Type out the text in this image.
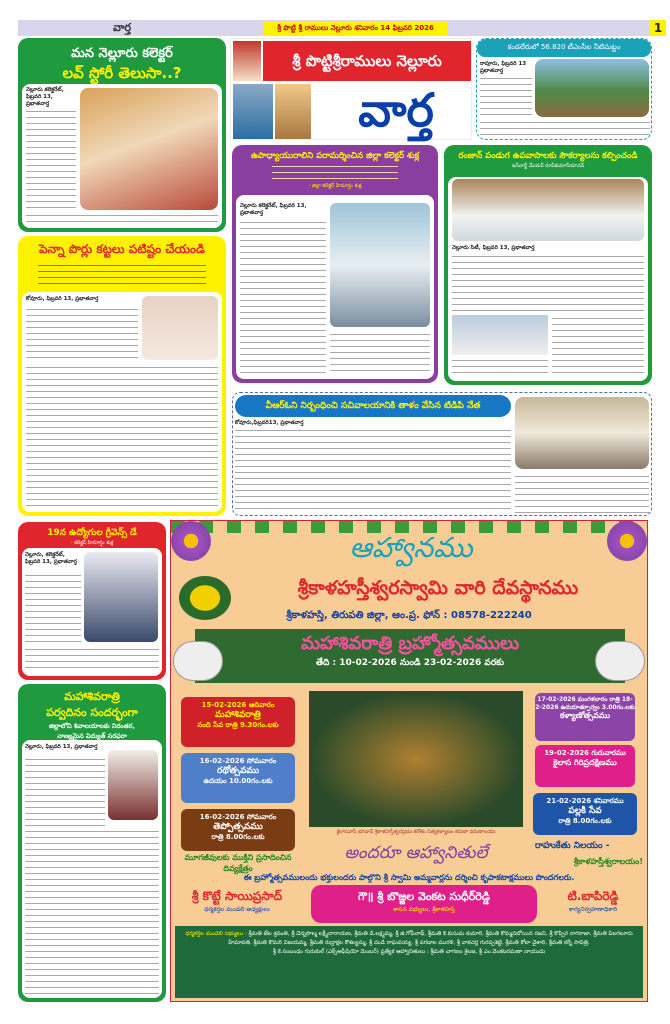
వార్త	శ్రీ పొట్టి శ్రీ రాములు నెల్లూరు శనివారం 14 ఫిబ్రవరి 2026	1
మన నెల్లూరు కలెక్టర్
లవ్ స్టోరీ తెలుసా..?
నెల్లూరు కలెక్టరేట్, ఫిబ్రవరి 13, ప్రభాతవార్త
పెన్నా పొర్లు కట్టలు పటిష్టం చేయండి
కోవూరు, ఫిబ్రవరి 13, ప్రభాతవార్త
శ్రీ పొట్టిశ్రీరాములు నెల్లూరు
వార్త
కండలేరులో 56.820 టీఎంసీల నీటిమట్టం
రాపూరు, ఫిబ్రవరి 13 ప్రభాతవార్త
ఉపాధ్యాయురాలిని పరామర్శించిన జిల్లా కలెక్టర్ శుక్ల
- జిల్లా కలెక్టర్ హిమాన్షు శుక్ల
నెల్లూరు కలెక్టరేట్, ఫిబ్రవరి 13, ప్రభాతవార్త
రంజాన్ పండుగ ఉపవాసాలకు సౌకర్యాలను కల్పించండి
ఇన్‌చార్జ్ మేయర్ రూప్‌కుమార్‌యాదవ్
నెల్లూరు సిటీ, ఫిబ్రవరి 13, ప్రభాతవార్త
వీఆర్‌ఓని నిర్బంధించి సచివాలయానికి తాళం వేసిన టిడిపి నేత
కోవూరు,ఫిబ్రవరి13, ప్రభాతవార్త
19న ఉద్యోగుల గ్రీవెన్స్ డే
- కలెక్టర్ హిమాన్షు శుక్ల
నెల్లూరు, కలెక్టరేట్, ఫిబ్రవరి 13, ప్రభాతవార్త
మహాశివరాత్రి
పర్వదినం సందర్భంగా
జిల్లాలోని శివాలయాలకు నిరంతర,
నాణ్యమైన విద్యుత్ సరఫరా
నెల్లూరు, ఫిబ్రవరి 13, ప్రభాతవార్త
ఆహ్వానము
శ్రీకాళహస్తీశ్వరస్వామి వారి దేవస్థానము
శ్రీకాళహస్తి, తిరుపతి జిల్లా, ఆం.ప్ర. ఫోన్ : 08578-222240
మహాశివరాత్రి బ్రహ్మోత్సవములు
తేది : 10-02-2026 నుండి 23-02-2026 వరకు
15-02-2026 ఆదివారం
మహాశివరాత్రి
నంది సేవ రాత్రి 9.30గం.లకు
16-02-2026 సోమవారం
రథోత్సవము
ఉదయం 10.00గం.లకు
16-02-2026 సోమవారం
తెప్పోత్సవము
రాత్రి 8.00గం.లకు
మూగజీవులకు ముక్తిని ప్రసాదించిన దివ్యక్షేత్రం
కైలాసవాసీ భగవాన్ శ్రీకాళహస్తీశ్వరప్రభుః కరోతు నిత్యకళ్యాణం కరుణా వరుణాలయః
అందరూ ఆహ్వానితులే
17-02-2026 మంగళవారం రాత్రి 18-2-2026 ఉదయాత్పూర్వం 3.00గం.లకు
కళ్యాణోత్సవము
19-02-2026 గురువారము
కైలాస గిరిప్రదక్షిణము
21-02-2026 శనివారము
పల్లకి సేవ
రాత్రి 8.00గం.లకు
రాహుకేతు నిలయం -
శ్రీకాళహస్తీశ్వరాలయం!
ఈ బ్రహ్మోత్సవములందు భక్తులందరు పాల్గొని శ్రీ స్వామి అమ్మవార్లను దర్శించి కృపాకటాక్షములు పొందగలరు.
శ్రీ కొట్టే సాయిప్రసాద్
ధర్మకర్తల మండలి అధ్యక్షులు
గౌ॥ శ్రీ బొజ్జల వెంకట సుధీర్‌రెడ్డి
శాసన సభ్యులు, శ్రీకాళహస్తి
టి.బాపిరెడ్డి
కార్యనిర్వహణాధికారి
ధర్మకర్తల మండలి సభ్యులు : శ్రీమతి జేల శ్రవంతి, శ్రీ చెన్నపొల్మ లక్ష్మీనారాయణ, శ్రీమతి డి.లక్ష్మమ్మ, శ్రీ జి.గోపీనాథ్, శ్రీమతి కె.కుసుమ కుమారి, శ్రీమతి కొమ్మనబోయిన రజని, శ్రీ కొప్పిర నాగరాజా, శ్రీమతి పిలగలూరు హేమావతి, శ్రీమతి కొమరి విజయమ్మ, శ్రీమతి రుద్రాక్షల కౌశల్యమ్మ, శ్రీ దండి రాఘవయ్య, శ్రీ పగడాల మురళి, శ్రీ వాకచర్ల గురప్పశెట్టి, శ్రీమతి కోలా వైశాలి, శ్రీమతి కర్నే సావిత్రి,
శ్రీ కె.సంబంధం గురుకుల్ (ఎక్స్‌అఫీషియో మెంబర్) ప్రత్యేక ఆహ్వానితులు : శ్రీమతి చాగణం శైలజ, శ్రీ ఎం.వెంకటరమణా నాయుడు
